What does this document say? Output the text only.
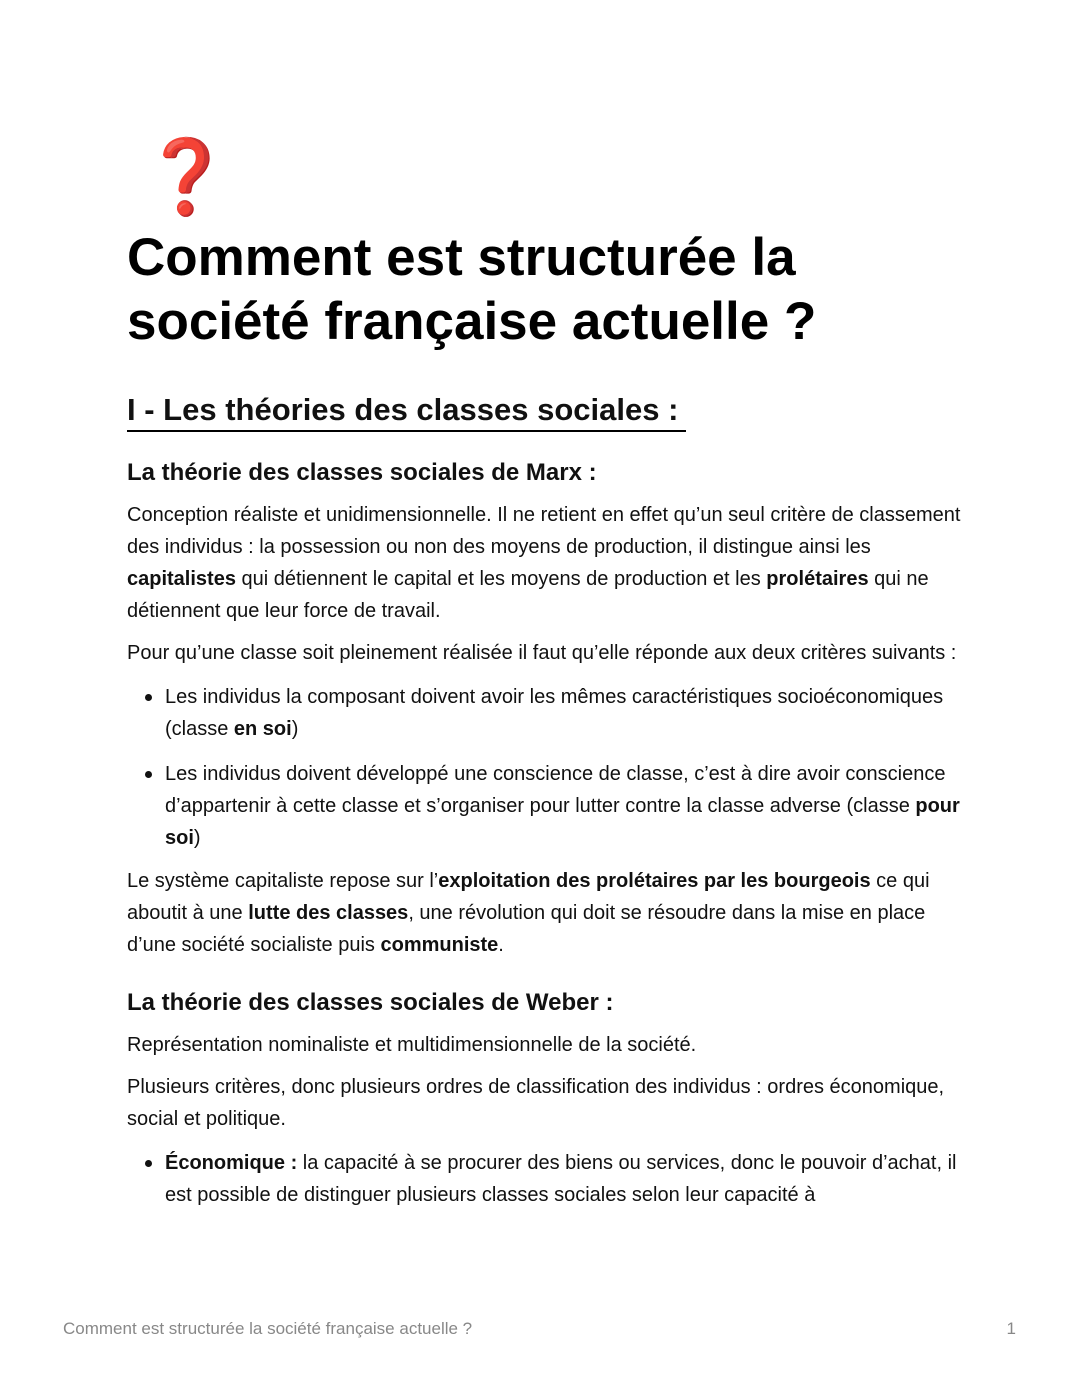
❓
Comment est structurée la société française actuelle ?
I - Les théories des classes sociales :
La théorie des classes sociales de Marx :

Conception réaliste et unidimensionnelle. Il ne retient en effet qu’un seul critère de classement des individus : la possession ou non des moyens de production, il distingue ainsi les capitalistes qui détiennent le capital et les moyens de production et les prolétaires qui ne détiennent que leur force de travail.

Pour qu’une classe soit pleinement réalisée il faut qu’elle réponde aux deux critères suivants :

Les individus la composant doivent avoir les mêmes caractéristiques socioéconomiques (classe en soi)
Les individus doivent développé une conscience de classe, c’est à dire avoir conscience d’appartenir à cette classe et s’organiser pour lutter contre la classe adverse (classe pour soi)

Le système capitaliste repose sur l’exploitation des prolétaires par les bourgeois ce qui aboutit à une lutte des classes, une révolution qui doit se résoudre dans la mise en place d’une société socialiste puis communiste.

La théorie des classes sociales de Weber :

Représentation nominaliste et multidimensionnelle de la société.

Plusieurs critères, donc plusieurs ordres de classification des individus : ordres économique, social et politique.

Économique : la capacité à se procurer des biens ou services, donc le pouvoir d’achat, il est possible de distinguer plusieurs classes sociales selon leur capacité à
Comment est structurée la société française actuelle ?	1
